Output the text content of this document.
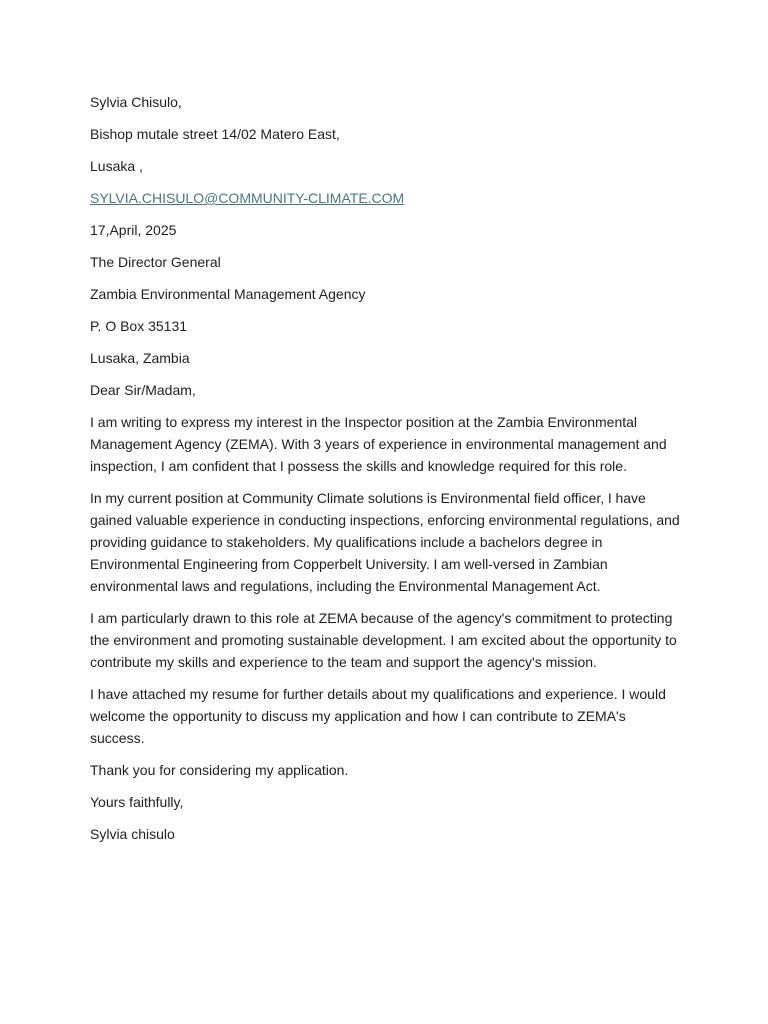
Sylvia Chisulo,

Bishop mutale street 14/02 Matero East,

Lusaka ,

SYLVIA.CHISULO@COMMUNITY-CLIMATE.COM

17,April, 2025

The Director General

Zambia Environmental Management Agency

P. O Box 35131

Lusaka, Zambia

Dear Sir/Madam,

I am writing to express my interest in the Inspector position at the Zambia Environmental Management Agency (ZEMA). With 3 years of experience in environmental management and inspection, I am confident that I possess the skills and knowledge required for this role.

In my current position at Community Climate solutions is Environmental field officer, I have gained valuable experience in conducting inspections, enforcing environmental regulations, and providing guidance to stakeholders. My qualifications include a bachelors degree in Environmental Engineering from Copperbelt University. I am well-versed in Zambian environmental laws and regulations, including the Environmental Management Act.

I am particularly drawn to this role at ZEMA because of the agency's commitment to protecting the environment and promoting sustainable development. I am excited about the opportunity to contribute my skills and experience to the team and support the agency's mission.

I have attached my resume for further details about my qualifications and experience. I would welcome the opportunity to discuss my application and how I can contribute to ZEMA's success.

Thank you for considering my application.

Yours faithfully,

Sylvia chisulo
